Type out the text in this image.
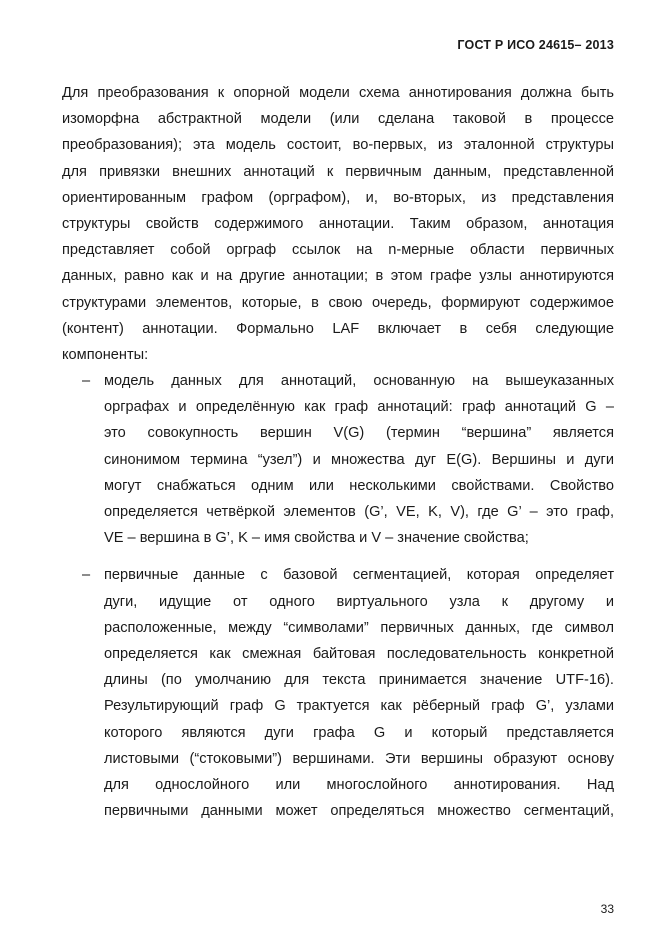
ГОСТ Р ИСО 24615– 2013
Для преобразования к опорной модели схема аннотирования должна быть
изоморфна абстрактной модели (или сделана таковой в процессе
преобразования); эта модель состоит, во-первых, из эталонной структуры
для привязки внешних аннотаций к первичным данным, представленной
ориентированным графом (орграфом), и, во-вторых, из представления
структуры свойств содержимого аннотации. Таким образом, аннотация
представляет собой орграф ссылок на n-мерные области первичных
данных, равно как и на другие аннотации; в этом графе узлы аннотируются
структурами элементов, которые, в свою очередь, формируют содержимое
(контент) аннотации. Формально LAF включает в себя следующие
компоненты:
модель данных для аннотаций, основанную на вышеуказанных
–
орграфах и определённую как граф аннотаций: граф аннотаций G –
это совокупность вершин V(G) (термин “вершина” является
синонимом термина “узел”) и множества дуг E(G). Вершины и дуги
могут снабжаться одним или несколькими свойствами. Свойство
определяется четвёркой элементов (G’, VE, K, V), где G’ – это граф,
VE – вершина в G’, K – имя свойства и V – значение свойства;
первичные данные с базовой сегментацией, которая определяет
–
дуги, идущие от одного виртуального узла к другому и
расположенные, между “символами” первичных данных, где символ
определяется как смежная байтовая последовательность конкретной
длины (по умолчанию для текста принимается значение UTF-16).
Результирующий граф G трактуется как рёберный граф G’, узлами
которого являются дуги графа G и который представляется
листовыми (“стоковыми”) вершинами. Эти вершины образуют основу
для однослойного или многослойного аннотирования. Над
первичными данными может определяться множество сегментаций,
33
